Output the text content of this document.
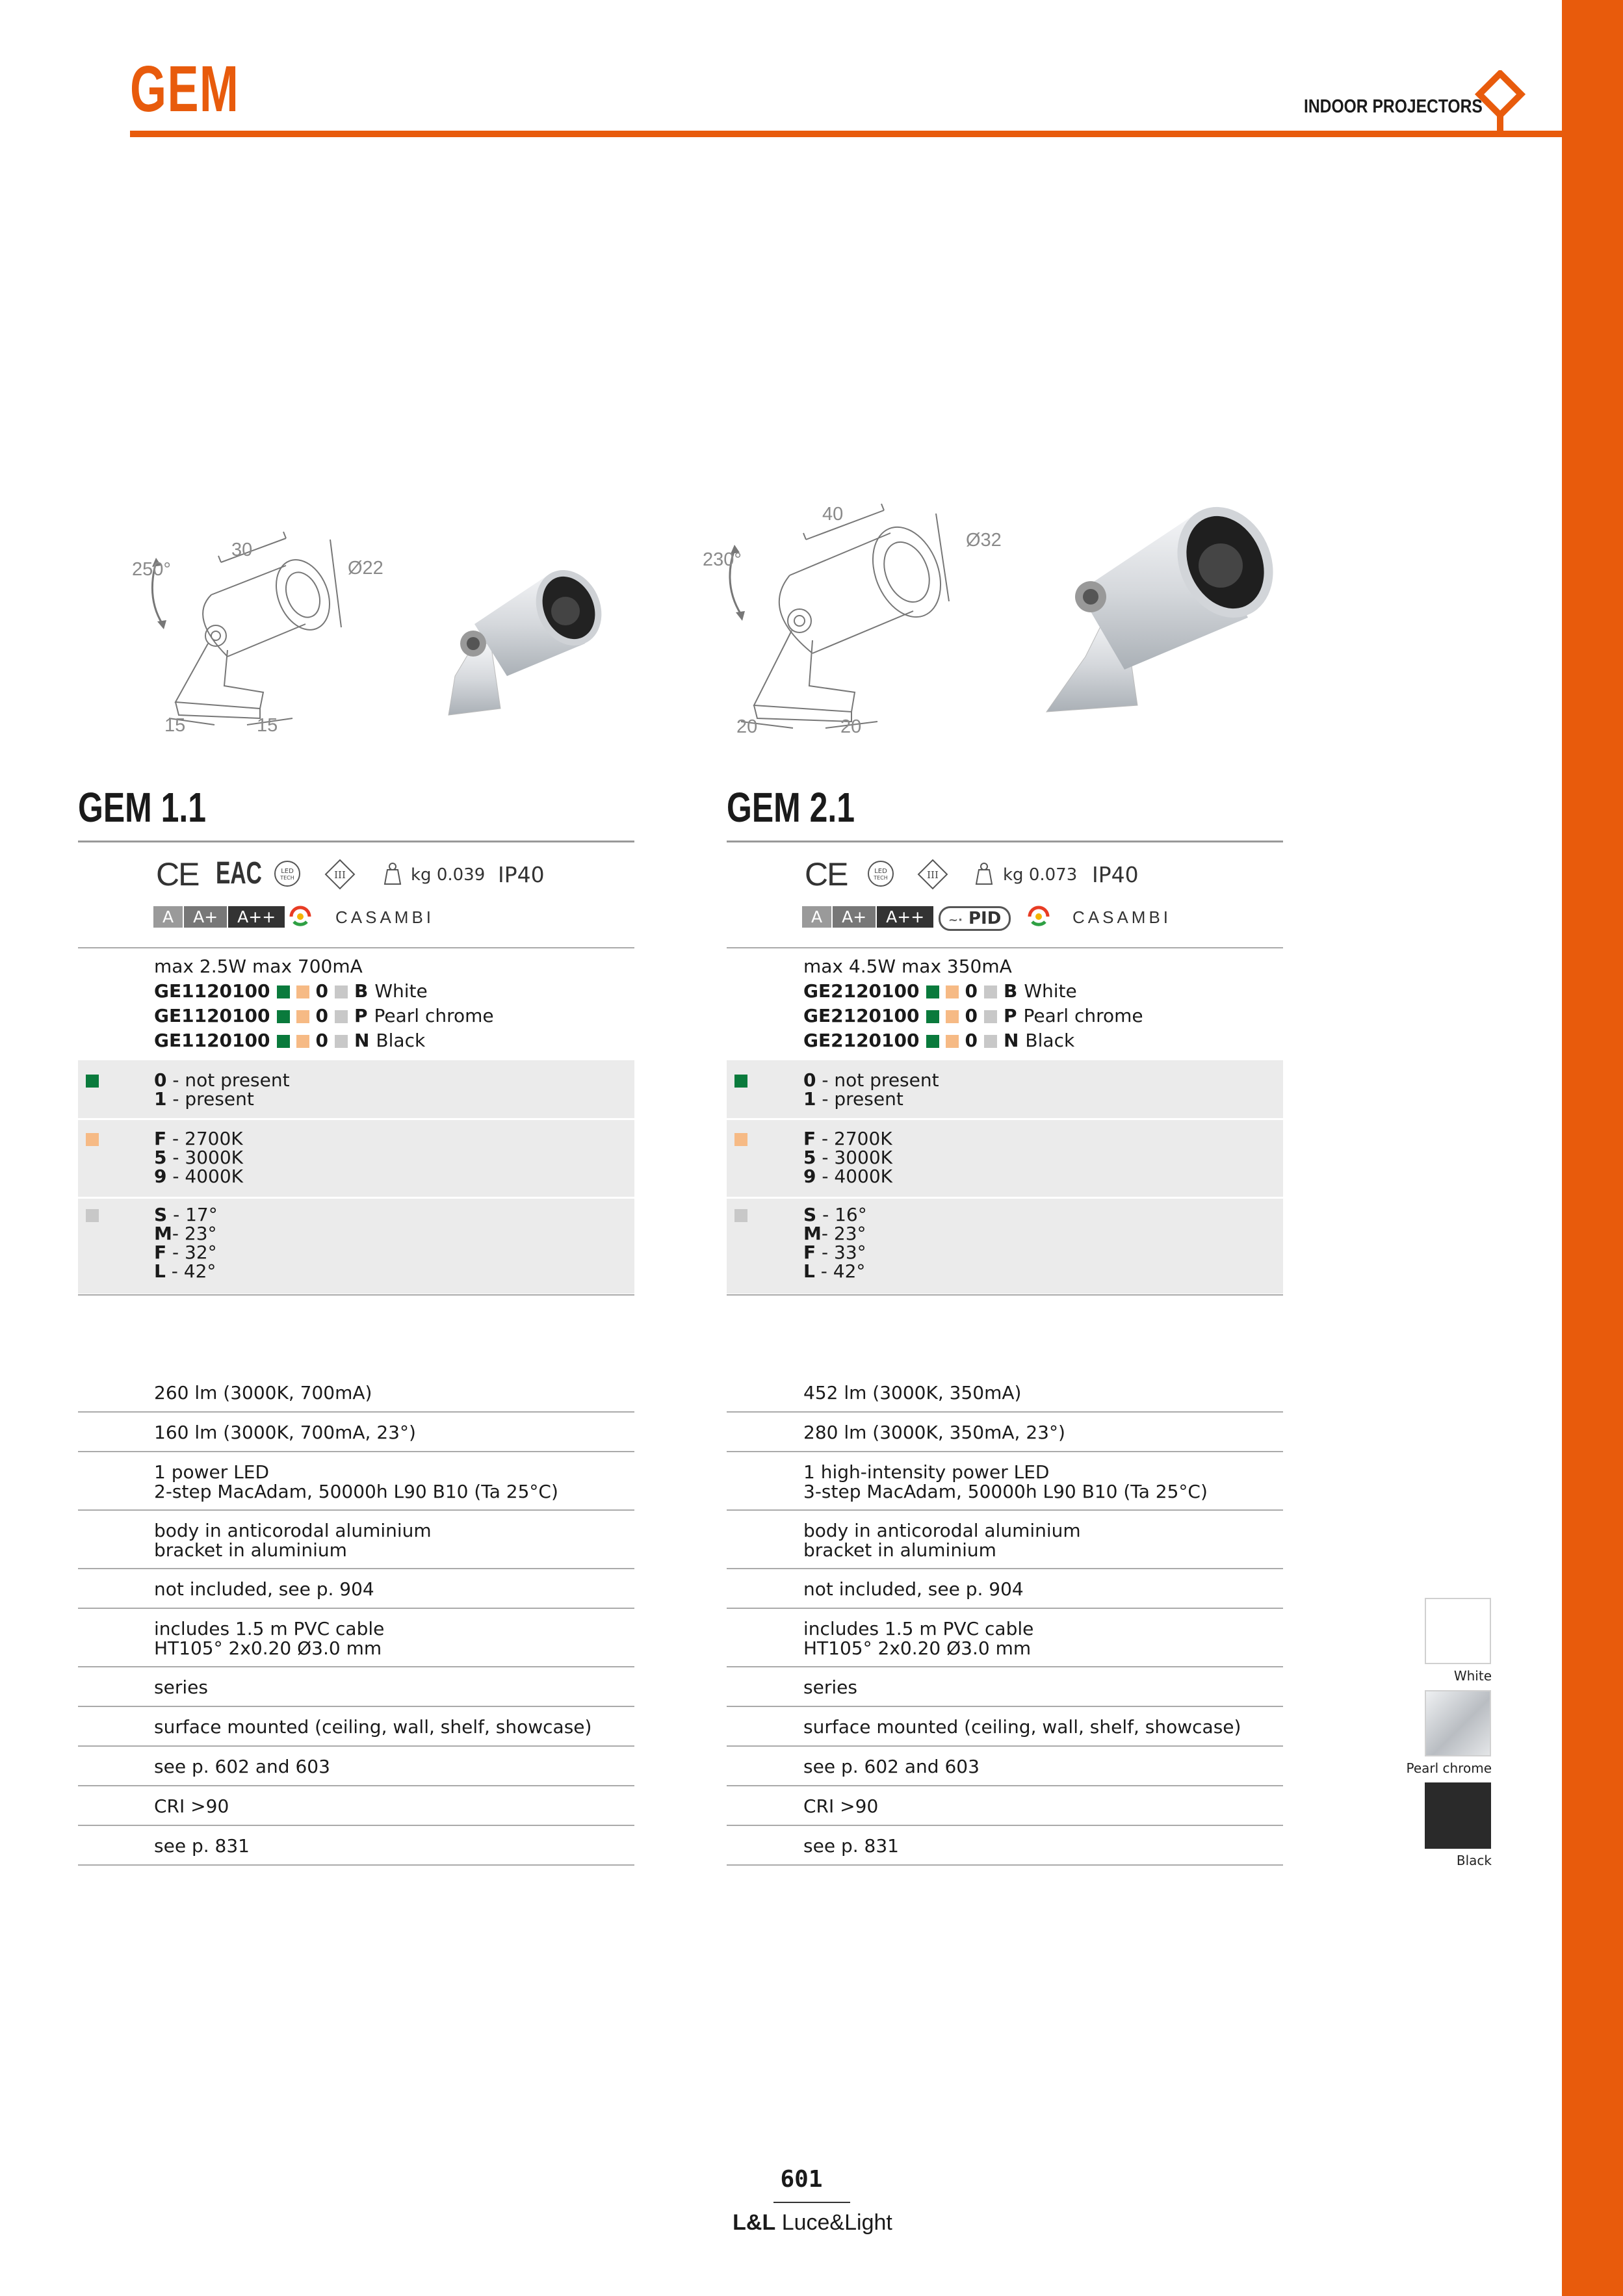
GEM	INDOOR PROJECTORS
250°
30
Ø22
15	15
GEM 1.1
CE EAC	LED
TECH	III	kg 0.039 IP40
A A+ A++	CASAMBI
max 2.5W max 700mA
GE1120100	0 B White
GE1120100	0 P Pearl chrome
GE1120100	0 N Black
0 - not present
1 - present
F - 2700K
5 - 3000K
9 - 4000K
S - 17°
M- 23°
F - 32°
L - 42°
260 lm (3000K, 700mA)
160 lm (3000K, 700mA, 23°)
1 power LED
2-step MacAdam, 50000h L90 B10 (Ta 25°C)
body in anticorodal aluminium
bracket in aluminium
not included, see p. 904
includes 1.5 m PVC cable
HT105° 2x0.20 Ø3.0 mm
series
surface mounted (ceiling, wall, shelf, showcase)
see p. 602 and 603
CRI >90
see p. 831
230°
40
Ø32
20	20
GEM 2.1
CE	LED
TECH	III	kg 0.073 IP40
A A+ A++	~· PID	CASAMBI
max 4.5W max 350mA
GE2120100	0 B White
GE2120100	0 P Pearl chrome
GE2120100	0 N Black
0 - not present
1 - present
F - 2700K
5 - 3000K
9 - 4000K
S - 16°
M- 23°
F - 33°
L - 42°
452 lm (3000K, 350mA)
280 lm (3000K, 350mA, 23°)
1 high-intensity power LED
3-step MacAdam, 50000h L90 B10 (Ta 25°C)
body in anticorodal aluminium
bracket in aluminium
not included, see p. 904
includes 1.5 m PVC cable
HT105° 2x0.20 Ø3.0 mm
series
surface mounted (ceiling, wall, shelf, showcase)
see p. 602 and 603
CRI >90
see p. 831
White
Pearl chrome
Black
601
L&L Luce&Light
